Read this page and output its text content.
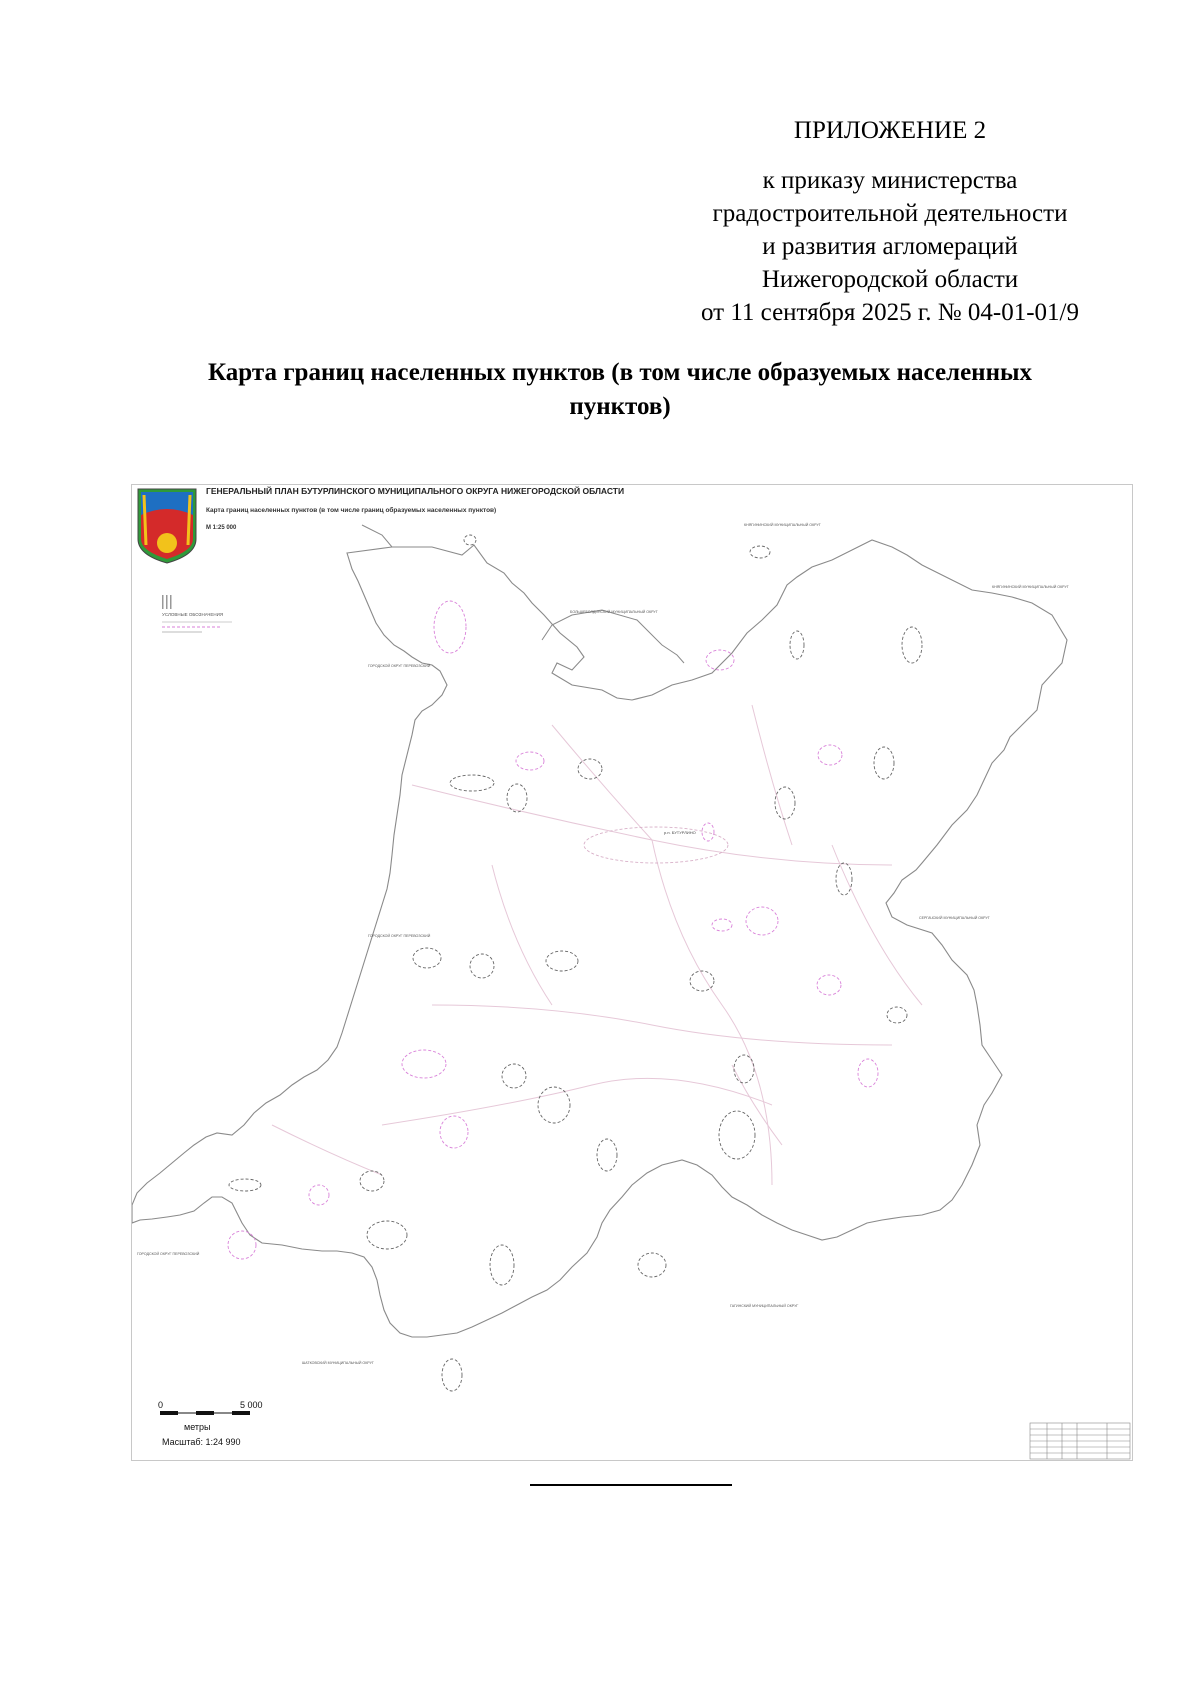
ПРИЛОЖЕНИЕ 2
к приказу министерства
градостроительной деятельности
и развития агломераций
Нижегородской области
от 11 сентября 2025 г. № 04-01-01/9
Карта границ населенных пунктов (в том числе образуемых населенных
пунктов)
ГЕНЕРАЛЬНЫЙ ПЛАН БУТУРЛИНСКОГО МУНИЦИПАЛЬНОГО ОКРУГА НИЖЕГОРОДСКОЙ ОБЛАСТИ
Карта границ населенных пунктов (в том числе границ образуемых населенных пунктов)
М 1:25 000
УСЛОВНЫЕ ОБОЗНАЧЕНИЯ
КНЯГИНИНСКИЙ МУНИЦИПАЛЬНЫЙ ОКРУГ
КНЯГИНИНСКИЙ МУНИЦИПАЛЬНЫЙ ОКРУГ
БОЛЬШЕБОЛДИНСКИЙ МУНИЦИПАЛЬНЫЙ ОКРУГ
ГОРОДСКОЙ ОКРУГ ПЕРЕВОЗСКИЙ
ГОРОДСКОЙ ОКРУГ ПЕРЕВОЗСКИЙ
СЕРГАЧСКИЙ МУНИЦИПАЛЬНЫЙ ОКРУГ
ГОРОДСКОЙ ОКРУГ ПЕРЕВОЗСКИЙ
ГАГИНСКИЙ МУНИЦИПАЛЬНЫЙ ОКРУГ
ШАТКОВСКИЙ МУНИЦИПАЛЬНЫЙ ОКРУГ
р.п. БУТУРЛИНО
0	5 000
метры
Масштаб: 1:24 990
